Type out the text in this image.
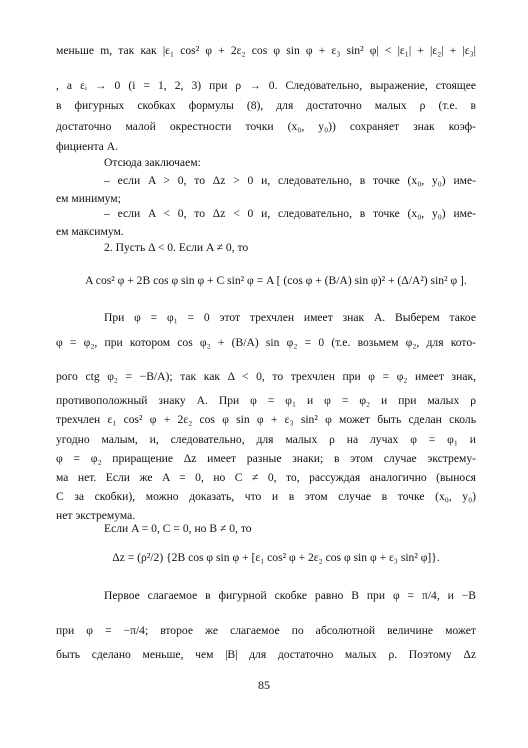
меньше m, так как |ε₁ cos² φ + 2ε₂ cos φ sin φ + ε₃ sin² φ| < |ε₁| + |ε₂| + |ε₃|
, а εᵢ → 0 (i = 1, 2, 3) при ρ → 0. Следовательно, выражение, стоящее
в фигурных скобках формулы (8), для достаточно малых ρ (т.е. в
достаточно малой окрестности точки (x₀, y₀)) сохраняет знак коэф-
фициента A.
Отсюда заключаем:
– если A > 0, то Δz > 0 и, следовательно, в точке (x₀, y₀) име-
ем минимум;
– если A < 0, то Δz < 0 и, следовательно, в точке (x₀, y₀) име-
ем максимум.
2. Пусть Δ < 0. Если A ≠ 0, то
A cos² φ + 2B cos φ sin φ + C sin² φ = A [ (cos φ + (B/A) sin φ)² + (Δ/A²) sin² φ ].
При φ = φ₁ = 0 этот трехчлен имеет знак A. Выберем такое
φ = φ₂, при котором cos φ₂ + (B/A) sin φ₂ = 0 (т.е. возьмем φ₂, для кото-
рого ctg φ₂ = −B/A); так как Δ < 0, то трехчлен при φ = φ₂ имеет знак,
противоположный знаку A. При φ = φ₁ и φ = φ₂ и при малых ρ
трехчлен ε₁ cos² φ + 2ε₂ cos φ sin φ + ε₃ sin² φ может быть сделан сколь
угодно малым, и, следовательно, для малых ρ на лучах φ = φ₁ и
φ = φ₂ приращение Δz имеет разные знаки; в этом случае экстрему-
ма нет. Если же A = 0, но C ≠ 0, то, рассуждая аналогично (вынося
C за скобки), можно доказать, что и в этом случае в точке (x₀, y₀)
нет экстремума.
Если A = 0, C = 0, но B ≠ 0, то
Δz = (ρ²/2) {2B cos φ sin φ + [ε₁ cos² φ + 2ε₂ cos φ sin φ + ε₃ sin² φ]}.
Первое слагаемое в фигурной скобке равно B при φ = π/4, и −B
при φ = −π/4; второе же слагаемое по абсолютной величине может
быть сделано меньше, чем |B| для достаточно малых ρ. Поэтому Δz
85
